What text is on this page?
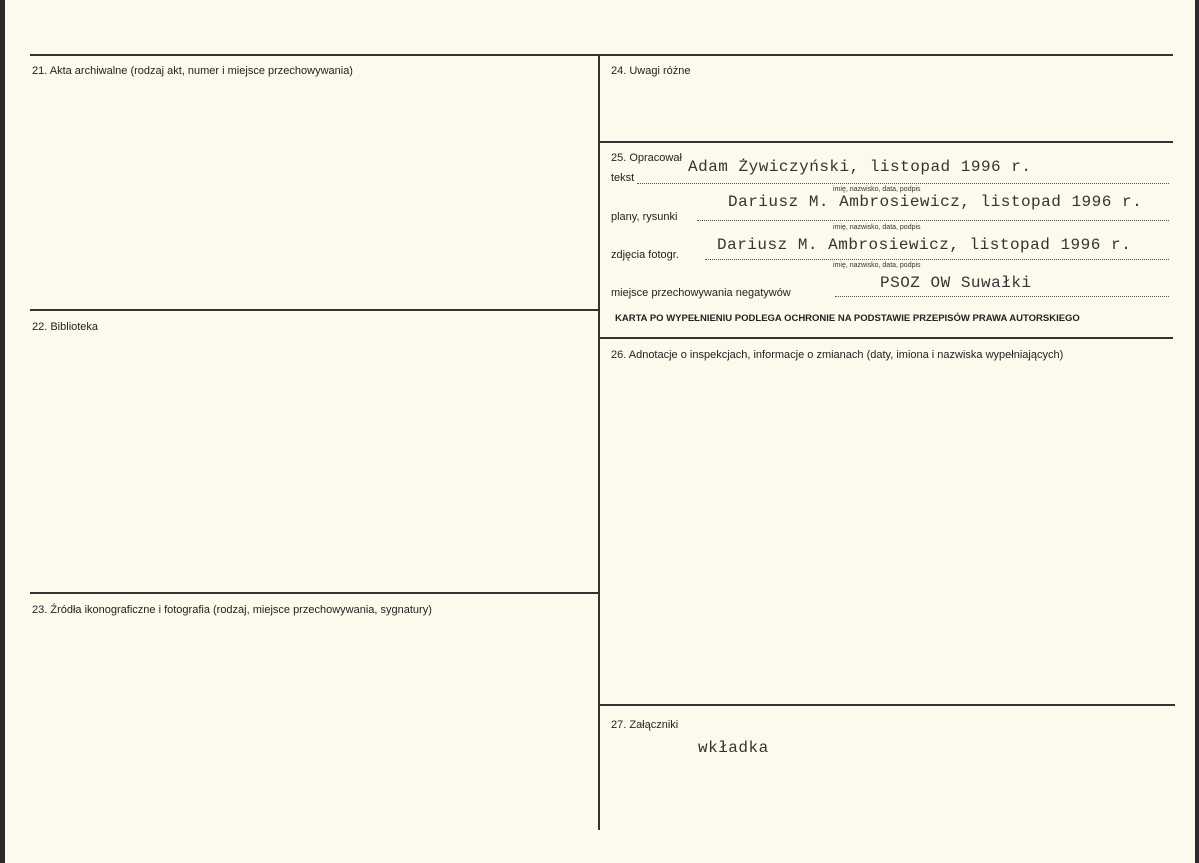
21. Akta archiwalne (rodzaj akt, numer i miejsce przechowywania)
22. Biblioteka
23. Źródła ikonograficzne i fotografia (rodzaj, miejsce przechowywania, sygnatury)
24. Uwagi różne
25. Opracował
tekst
Adam Żywiczyński, listopad 1996 r.
imię, nazwisko, data, podpis
plany, rysunki
Dariusz M. Ambrosiewicz, listopad 1996 r.
imię, nazwisko, data, podpis
zdjęcia fotogr.
Dariusz M. Ambrosiewicz, listopad 1996 r.
imię, nazwisko, data, podpis
miejsce przechowywania negatywów
PSOZ OW Suwałki
KARTA PO WYPEŁNIENIU PODLEGA OCHRONIE NA PODSTAWIE PRZEPISÓW PRAWA AUTORSKIEGO
26. Adnotacje o inspekcjach, informacje o zmianach (daty, imiona i nazwiska wypełniających)
27. Załączniki
wkładka
